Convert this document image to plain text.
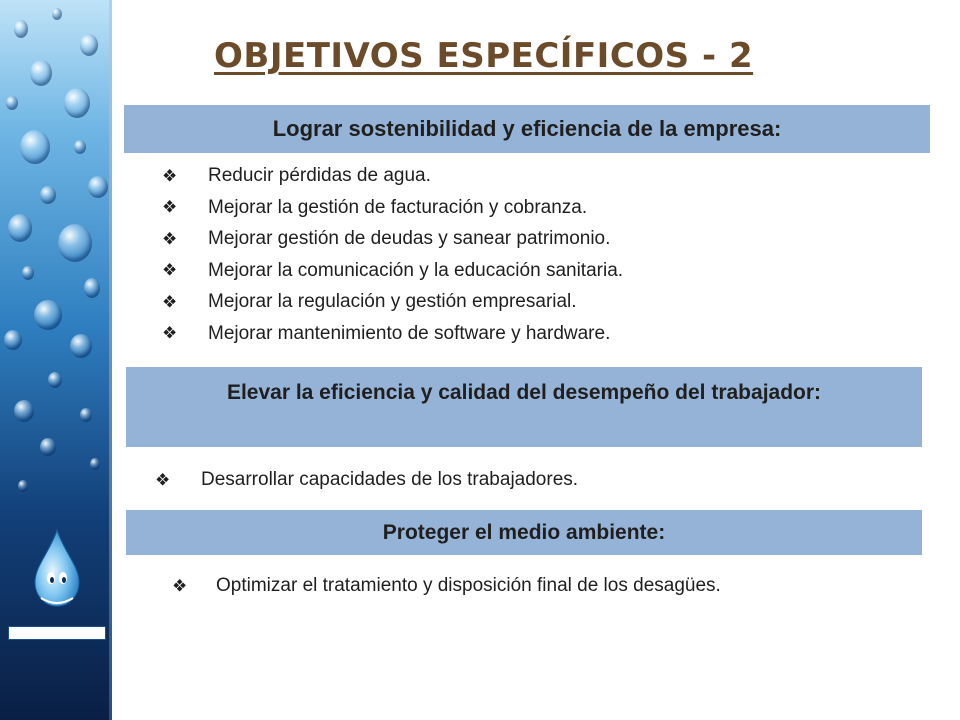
OBJETIVOS ESPECÍFICOS - 2
Lograr sostenibilidad y eficiencia de la empresa:
❖ Reducir pérdidas de agua.
❖ Mejorar la gestión de facturación y cobranza.
❖ Mejorar gestión de deudas y sanear patrimonio.
❖ Mejorar la comunicación y la educación sanitaria.
❖ Mejorar la regulación y gestión empresarial.
❖ Mejorar mantenimiento de software y hardware.
Elevar la eficiencia y calidad del desempeño del trabajador:
❖ Desarrollar capacidades de los trabajadores.
Proteger el medio ambiente:
❖ Optimizar el tratamiento y disposición final de los desagües.
